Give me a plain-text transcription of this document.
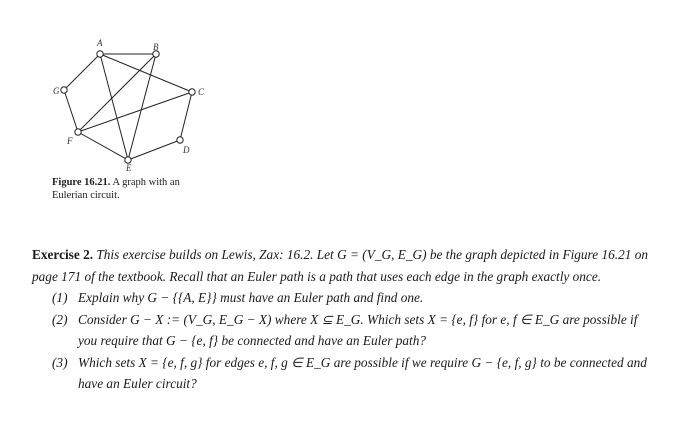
A	B
C
D
E
F
G
Figure 16.21. A graph with an Eulerian circuit.
Exercise 2. This exercise builds on Lewis, Zax: 16.2. Let G = (V_G, E_G) be the graph depicted in Figure 16.21 on page 171 of the textbook. Recall that an Euler path is a path that uses each edge in the graph exactly once.
(1) Explain why G − {{A, E}} must have an Euler path and find one.
(2) Consider G − X := (V_G, E_G − X) where X ⊆ E_G. Which sets X = {e, f} for e, f ∈ E_G are possible if you require that G − {e, f} be connected and have an Euler path?
(3) Which sets X = {e, f, g} for edges e, f, g ∈ E_G are possible if we require G − {e, f, g} to be connected and have an Euler circuit?
